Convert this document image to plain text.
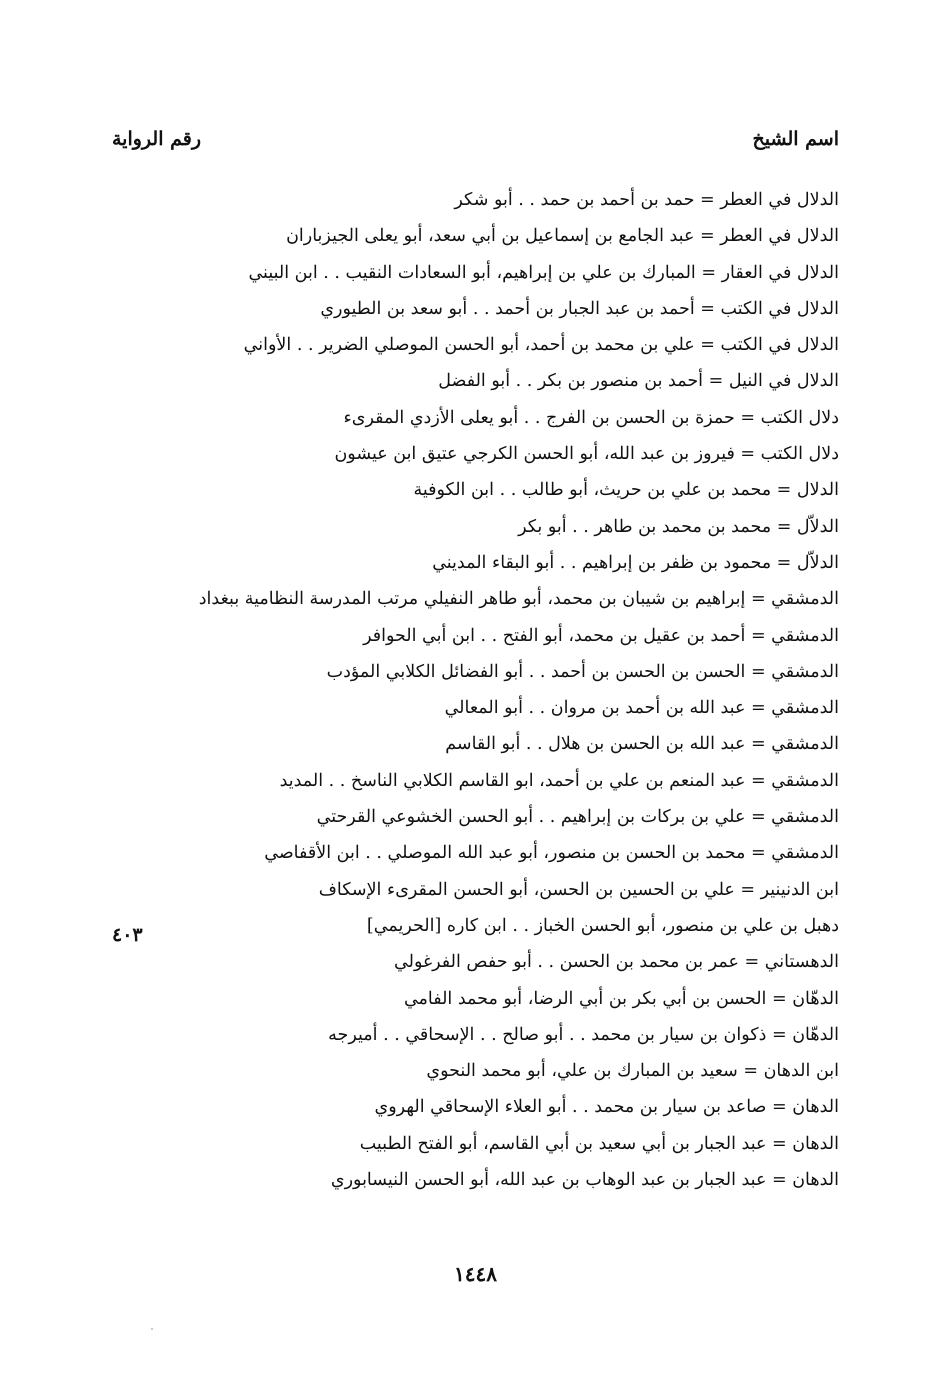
اسم الشيخ
رقم الرواية
الدلال في العطر = حمد بن أحمد بن حمد . . أبو شكر
الدلال في العطر = عبد الجامع بن إسماعيل بن أبي سعد، أبو يعلى الجيزباران
الدلال في العقار = المبارك بن علي بن إبراهيم، أبو السعادات النقيب . . ابن البيني
الدلال في الكتب = أحمد بن عبد الجبار بن أحمد . . أبو سعد بن الطيوري
الدلال في الكتب = علي بن محمد بن أحمد، أبو الحسن الموصلي الضرير . . الأواني
الدلال في النيل = أحمد بن منصور بن بكر . . أبو الفضل
دلال الكتب = حمزة بن الحسن بن الفرج . . أبو يعلى الأزدي المقرىء
دلال الكتب = فيروز بن عبد الله، أبو الحسن الكرجي عتيق ابن عيشون
الدلال = محمد بن علي بن حريث، أبو طالب . . ابن الكوفية
الدلاّل = محمد بن محمد بن طاهر . . أبو بكر
الدلاّل = محمود بن ظفر بن إبراهيم . . أبو البقاء المديني
الدمشقي = إبراهيم بن شيبان بن محمد، أبو طاهر النفيلي مرتب المدرسة النظامية ببغداد
الدمشقي = أحمد بن عقيل بن محمد، أبو الفتح . . ابن أبي الحوافر
الدمشقي = الحسن بن الحسن بن أحمد . . أبو الفضائل الكلابي المؤدب
الدمشقي = عبد الله بن أحمد بن مروان . . أبو المعالي
الدمشقي = عبد الله بن الحسن بن هلال . . أبو القاسم
الدمشقي = عبد المنعم بن علي بن أحمد، ابو القاسم الكلابي الناسخ . . المديد
الدمشقي = علي بن بركات بن إبراهيم . . أبو الحسن الخشوعي القرحتي
الدمشقي = محمد بن الحسن بن منصور، أبو عبد الله الموصلي . . ابن الأقفاصي
ابن الدنينير = علي بن الحسين بن الحسن، أبو الحسن المقرىء الإسكاف
دهبل بن علي بن منصور، أبو الحسن الخباز . . ابن كاره [الحريمي]
الدهستاني = عمر بن محمد بن الحسن . . أبو حفص الفرغولي
الدهّان = الحسن بن أبي بكر بن أبي الرضا، أبو محمد الفامي
الدهّان = ذكوان بن سيار بن محمد . . أبو صالح . . الإسحاقي . . أميرجه
ابن الدهان = سعيد بن المبارك بن علي، أبو محمد النحوي
الدهان = صاعد بن سيار بن محمد . . أبو العلاء الإسحاقي الهروي
الدهان = عبد الجبار بن أبي سعيد بن أبي القاسم، أبو الفتح الطبيب
الدهان = عبد الجبار بن عبد الوهاب بن عبد الله، أبو الحسن النيسابوري
٤٠٣
١٤٤٨
